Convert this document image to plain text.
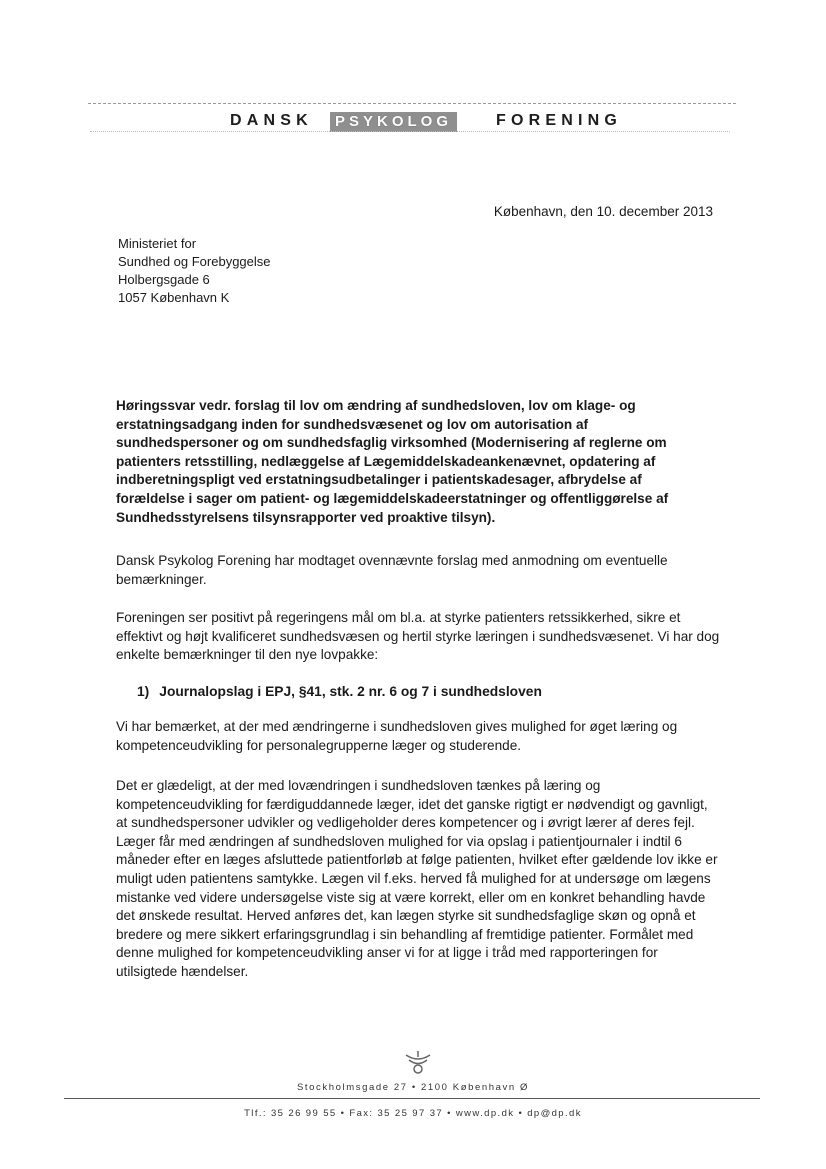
DANSK	PSYKOLOG	FORENING
København, den 10. december 2013
Ministeriet for
Sundhed og Forebyggelse
Holbergsgade 6
1057 København K
Høringssvar vedr. forslag til lov om ændring af sundhedsloven, lov om klage- og erstatningsadgang inden for sundhedsvæsenet og lov om autorisation af sundhedspersoner og om sundhedsfaglig virksomhed (Modernisering af reglerne om patienters retsstilling, nedlæggelse af Lægemiddelskadeankenævnet, opdatering af indberetningspligt ved erstatningsudbetalinger i patientskadesager, afbrydelse af forældelse i sager om patient- og lægemiddelskadeerstatninger og offentliggørelse af Sundhedsstyrelsens tilsynsrapporter ved proaktive tilsyn).
Dansk Psykolog Forening har modtaget ovennævnte forslag med anmodning om eventuelle bemærkninger.
Foreningen ser positivt på regeringens mål om bl.a. at styrke patienters retssikkerhed, sikre et effektivt og højt kvalificeret sundhedsvæsen og hertil styrke læringen i sundhedsvæsenet. Vi har dog enkelte bemærkninger til den nye lovpakke:
1) Journalopslag i EPJ, §41, stk. 2 nr. 6 og 7 i sundhedsloven
Vi har bemærket, at der med ændringerne i sundhedsloven gives mulighed for øget læring og kompetenceudvikling for personalegrupperne læger og studerende.
Det er glædeligt, at der med lovændringen i sundhedsloven tænkes på læring og kompetenceudvikling for færdiguddannede læger, idet det ganske rigtigt er nødvendigt og gavnligt, at sundhedspersoner udvikler og vedligeholder deres kompetencer og i øvrigt lærer af deres fejl. Læger får med ændringen af sundhedsloven mulighed for via opslag i patientjournaler i indtil 6 måneder efter en læges afsluttede patientforløb at følge patienten, hvilket efter gældende lov ikke er muligt uden patientens samtykke. Lægen vil f.eks. herved få mulighed for at undersøge om lægens mistanke ved videre undersøgelse viste sig at være korrekt, eller om en konkret behandling havde det ønskede resultat. Herved anføres det, kan lægen styrke sit sundhedsfaglige skøn og opnå et bredere og mere sikkert erfaringsgrundlag i sin behandling af fremtidige patienter. Formålet med denne mulighed for kompetenceudvikling anser vi for at ligge i tråd med rapporteringen for utilsigtede hændelser.
Stockholmsgade 27 • 2100 København Ø
Tlf.: 35 26 99 55 • Fax: 35 25 97 37 • www.dp.dk • dp@dp.dk
